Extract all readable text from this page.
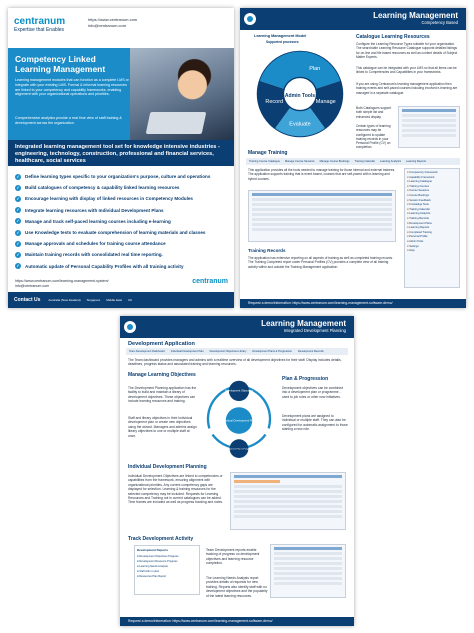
centranum
Expertise that Enables
https://www.centranum.com
info@centranum.com
Competency Linked Learning Management
Learning management modules that can function as a complete LMS or integrate with your existing LMS. Formal & informal learning resources are linked to your competency and capability frameworks, enabling alignment with your organizational operations and priorities.
Comprehensive analytics provide a real time view of staff training & development across the organization.
Integrated learning management tool set for knowledge intensive industries - engineering, technology, construction, professional and financial services, healthcare, social services
✓ Define learning types specific to your organization's purpose, culture and operations
✓ Build catalogues of competency & capability linked learning resources
✓ Encourage learning with display of linked resources in Competency Modules
✓ Integrate learning resources with Individual Development Plans
✓ Manage and track self-paced learning courses including e-learning
✓ Use Knowledge tests to evaluate comprehension of learning materials and classes
✓ Manage approvals and schedules for training course attendance
✓ Maintain training records with consolidated real time reporting.
✓ Automatic update of Personal Capability Profiles with all training activity
https://www.centranum.com/learning-management-system/
info@centranum.com
centranum
Contact Us	Australia (New Zealand) Singapore Middle East UK
Learning Management
Competency Based
Learning Management Model
Supported processes
Plan
Manage
Evaluate
Record
Admin Tools
Catalogue Learning Resources
Configure the Learning Resource Types suitable for your organization. The searchable Learning Resource Catalogue supports detailed listings for on-line and file based resources as well as content details of Subject Matter Experts.
This catalogue can be integrated with your LMS so that all items can be linked to Competencies and Capabilities in your frameworks.
If you are using Centranum's learning management application then training events and self-paced courses including involved e-learning are managed in a separate catalogue.
Both Catalogues support both simple list and enhanced display.
Certain types of learning resources may be configured to update training records in your Personal Profile (CV) on completion.
Manage Training
Training Course Catalogue Manage Course Sessions Manage Course Bookings Training Calendar Learning Analytics Learning Reports
This application provides all the tools needed to manage training for those internal and external trainees. The application supports training that is event based, courses that are self-paced with e-learning and hybrid courses.
Training Records
The application has extensive reporting on all aspects of training as well as completed training records. The Training Completed report under Personal Profiles (CV) provides a complete view of all training activity within and outside the Training Management application.
■ Competency Framework
■ Capability Framework
■ Learning Catalogue
■ Training Courses
■ Course Sessions
■ Course Bookings
■ Session Feedback
■ Knowledge Tests
■ Training Calendar
■ Learning Analytics
■ Training Records
■ Development Plans
■ Learning Reports
■ Completed Training
■ Personal Profile
■ Admin Tools
■ Settings
■ Help
Request a demo/information: https://www.centranum.com/learning-management-software-demo/
Learning Management
Integrated Development Planning
Development Application
Team Development Dashboard Individual Development Plan Development Objectives Library Development Plans & Progression Development Records
The Team dashboard provides managers and admins with a realtime overview of all development objectives for their staff. Display includes details, deadlines, progress status and associated training and learning resources.
Manage Learning Objectives
The Development Planning application has the facility to build and maintain a library of development objectives. These objectives can include learning resources and training.
Staff and library objectives in their Individual development plan or create new objectives using the wizard. Managers and admins assign library objectives to one or multiple staff at once.
Development Objectives
Individual Development Plans
Development Plan & Progression
Plan & Progression
Development objectives can be combined into a development plan or programme - used to job roles or other new initiatives.
Development plans are assigned to individual or multiple staff. They can also be configured for automatic assignment to those starting a new role.
Individual Development Planning
Individual Development Objectives are linked to competencies or capabilities from the framework, ensuring alignment with organizational priorities. Any current competency gaps are displayed for selection. Learning & training resources for the selected competency may be included. Requests for Learning Resources and Training not in current catalogues can be added. Time frames are included as well as progress tracking and notes.
Track Development Activity
Development Reports
■ Development Objectives Progress
■ Development Resource Progress
■ Learning Needs Analysis
■ Staff with no plan
■ Resources Plan Report
Team Development reports enable tracking of progress on development objectives and learning resource completion.
The Learning Needs Analysis report provides details of requests for new training. Reports also identify staff with no development objectives and the popularity of the latest learning resources.
Request a demo/information: https://www.centranum.com/learning-management-software-demo/
